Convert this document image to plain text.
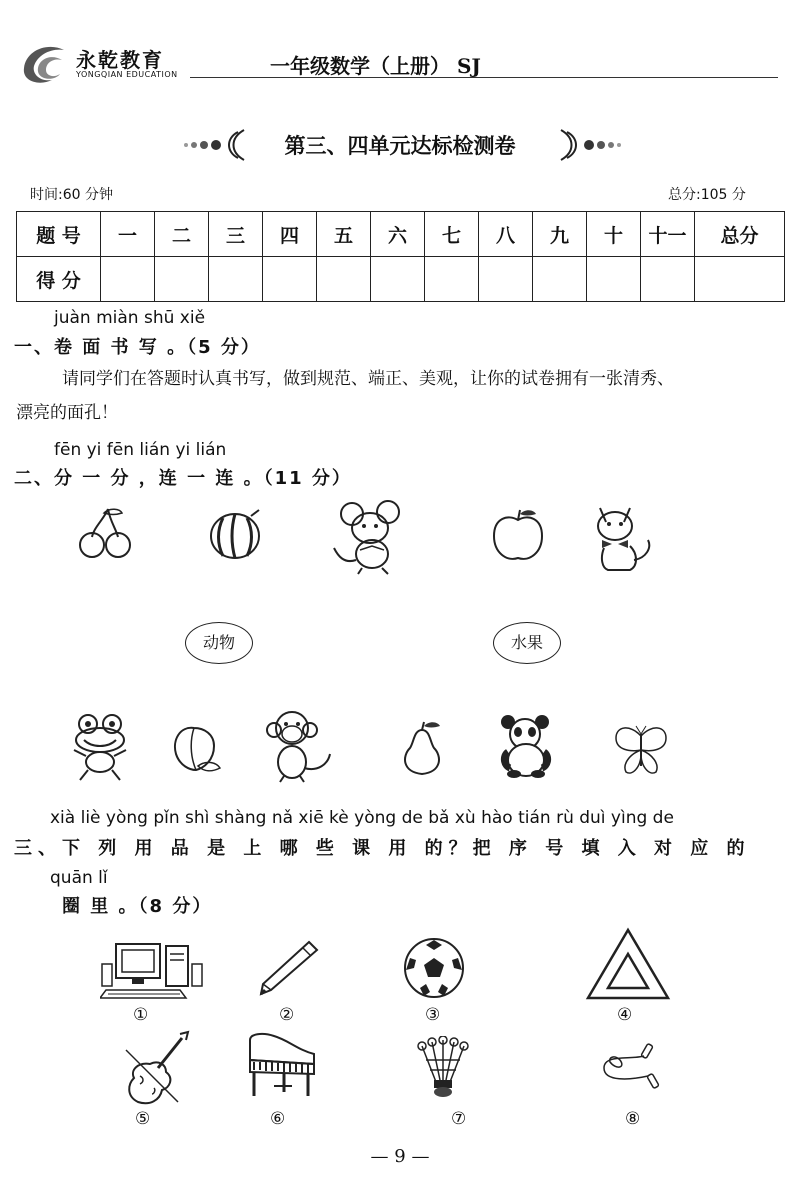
永乾教育
YONGQIAN EDUCATION	一年级数学（上册） SJ
第三、四单元达标检测卷
时间:60 分钟	总分:105 分
题 号	一	二	三	四	五	六	七	八	九	十	十一	总分
得 分												
juàn miàn shū xiě
一、卷 面 书 写 。（5 分）
请同学们在答题时认真书写，做到规范、端正、美观，让你的试卷拥有一张清秀、
漂亮的面孔！
fēn yi fēn lián yi lián
二、分 一 分 ，连 一 连 。（11 分）
动物	水果
xià liè yòng pǐn shì shàng nǎ xiē kè yòng de bǎ xù hào tián rù duì yìng de
三、下 列 用 品 是 上 哪 些 课 用 的？把 序 号 填 入 对 应 的
quān lǐ
圈 里 。（8 分）
①	②	③	④
⑤	⑥	⑦	⑧
— 9 —
